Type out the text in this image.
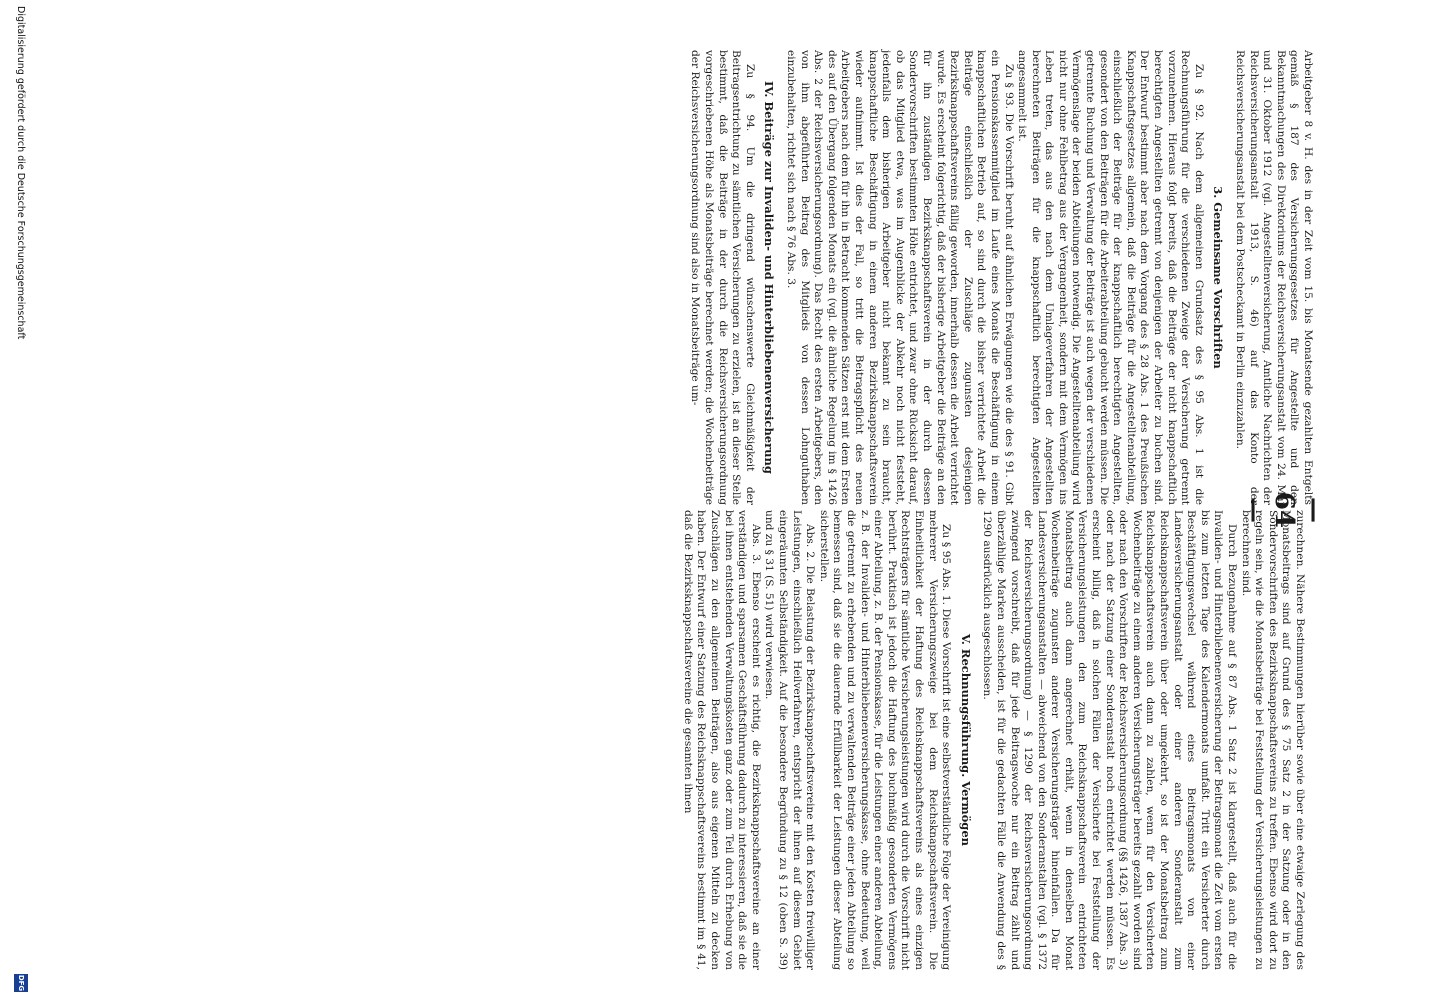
— 64 —

Arbeitgeber 8 v. H. des in der Zeit vom 15. bis Monatsende gezahlten Entgelts gemäß § 187 des Versicherungsgesetzes für Angestellte und den Bekanntmachungen des Direktoriums der Reichsversicherungsanstalt vom 24. Mai und 31. Oktober 1912 (vgl. Angestelltenversicherung, Amtliche Nachrichten der Reichsversicherungsanstalt 1913, S. 46) auf das Konto der Reichsversicherungsanstalt bei dem Postscheckamt in Berlin einzuzahlen.

3. Gemeinsame Vorschriften

Zu § 92. Nach dem allgemeinen Grundsatz des § 95 Abs. 1 ist die Rechnungsführung für die verschiedenen Zweige der Versicherung getrennt vorzunehmen. Hieraus folgt bereits, daß die Beiträge der nicht knappschaftlich berechtigten Angestellten getrennt von denjenigen der Arbeiter zu buchen sind. Der Entwurf bestimmt aber nach dem Vorgang des § 28 Abs. 1 des Preußischen Knappschaftsgesetzes allgemein, daß die Beiträge für die Angestelltenabteilung, einschließlich der Beiträge für der knappschaftlich berechtigten Angestellten, gesondert von den Beiträgen für die Arbeiterabteilung gebucht werden müssen. Die getrennte Buchung und Verwaltung der Beiträge ist auch wegen der verschiedenen Vermögenslage der beiden Abteilungen notwendig. Die Angestelltenabteilung wird nicht nur ohne Fehlbetrag aus der Vergangenheit, sondern mit dem Vermögen ins Leben treten, das aus den nach dem Umlageverfahren der Angestellten berechneten Beiträgen für die knappschaftlich berechtigten Angestellten angesammelt ist.

Zu § 93. Die Vorschrift beruht auf ähnlichen Erwägungen wie die des § 91. Gibt ein Pensionskassenmitglied im Laufe eines Monats die Beschäftigung in einem knappschaftlichen Betrieb auf, so sind durch die bisher verrichtete Arbeit die Beiträge einschließlich der Zuschläge zugunsten desjenigen Bezirksknappschaftsvereins fällig geworden, innerhalb dessen die Arbeit verrichtet wurde. Es erscheint folgerichtig, daß der bisherige Arbeitgeber die Beiträge an den für ihn zuständigen Bezirksknappschaftsverein in der durch dessen Sondervorschriften bestimmten Höhe entrichtet, und zwar ohne Rücksicht darauf, ob das Mitglied etwa, was im Augenblicke der Abkehr noch nicht feststeht, jedenfalls dem bisherigen Arbeitgeber nicht bekannt zu sein braucht, knappschaftliche Beschäftigung in einem anderen Bezirksknappschaftsverein wieder aufnimmt. Ist dies der Fall, so tritt die Beitragspflicht des neuen Arbeitgebers nach dem für ihn in Betracht kommenden Sätzen erst mit dem Ersten des auf den Übergang folgenden Monats ein (vgl. die ähnliche Regelung im § 1426 Abs. 2 der Reichsversicherungsordnung). Das Recht des ersten Arbeitgebers, den von ihm abgeführten Beitrag des Mitglieds von dessen Lohnguthaben einzubehalten, richtet sich nach § 76 Abs. 3.

IV. Beiträge zur Invaliden- und Hinterbliebenenversicherung

Zu § 94. Um die dringend wünschenswerte Gleichmäßigkeit der Beitragsentrichtung zu sämtlichen Versicherungen zu erzielen, ist an dieser Stelle bestimmt, daß die Beiträge in der durch die Reichsversicherungsordnung vorgeschriebenen Höhe als Monatsbeiträge berechnet werden; die Wochenbeiträge der Reichsversicherungsordnung sind also in Monatsbeiträge um-

zurechnen. Nähere Bestimmungen hierüber sowie über eine etwaige Zerlegung des Monatsbeitrags sind auf Grund des § 75 Satz 2 in der Satzung oder in den Sondervorschriften des Bezirksknappschaftsvereins zu treffen. Ebenso wird dort zu regeln sein, wie die Monatsbeiträge bei Feststellung der Versicherungsleistungen zu berechnen sind.

Durch Bezugnahme auf § 87 Abs. 1 Satz 2 ist klargestellt, daß auch für die Invaliden- und Hinterbliebenenversicherung der Beitragsmonat die Zeit vom ersten bis zum letzten Tage des Kalendermonats umfaßt. Tritt ein Versicherter durch Beschäftigungswechsel während eines Beitragsmonats von einer Landesversicherungsanstalt oder einer anderen Sonderanstalt zum Reichsknappschaftsverein über oder umgekehrt, so ist der Monatsbeitrag zum Reichsknappschaftsverein auch dann zu zahlen, wenn für den Versicherten Wochenbeiträge zu einem anderen Versicherungsträger bereits gezahlt worden sind oder nach den Vorschriften der Reichsversicherungsordnung (§§ 1426, 1387 Abs. 3) oder nach der Satzung einer Sonderanstalt noch entrichtet werden müssen. Es erscheint billig, daß in solchen Fällen der Versicherte bei Feststellung der Versicherungsleistungen den zum Reichsknappschaftsverein entrichteten Monatsbeitrag auch dann angerechnet erhält, wenn in denselben Monat Wochenbeiträge zugunsten anderer Versicherungsträger hineinfallen. Da für Landesversicherungsanstalten — abweichend von den Sonderanstalten (vgl. § 1372 der Reichsversicherungsordnung) — § 1290 der Reichsversicherungsordnung zwingend vorschreibt, daß für jede Beitragswoche nur ein Beitrag zählt und überzählige Marken ausscheiden, ist für die gedachten Fälle die Anwendung des § 1290 ausdrücklich ausgeschlossen.

V. Rechnungsführung. Vermögen

Zu § 95 Abs. 1. Diese Vorschrift ist eine selbstverständliche Folge der Vereinigung mehrerer Versicherungszweige bei dem Reichsknappschaftsverein. Die Einheitlichkeit der Haftung des Reichsknappschaftsvereins als eines einzigen Rechtsträgers für sämtliche Versicherungsleistungen wird durch die Vorschrift nicht berührt. Praktisch ist jedoch die Haftung des buchmäßig gesonderten Vermögens einer Abteilung, z. B. der Pensionskasse, für die Leistungen einer anderen Abteilung, z. B. der Invaliden- und Hinterbliebenenversicherungskasse, ohne Bedeutung, weil die getrennt zu erhebenden und zu verwaltenden Beiträge einer jeden Abteilung so bemessen sind, daß sie die dauernde Erfüllbarkeit der Leistungen dieser Abteilung sicherstellen.

Abs. 2. Die Belastung der Bezirksknappschaftsvereine mit den Kosten freiwilliger Leistungen, einschließlich Heilverfahren, entspricht der ihnen auf diesem Gebiet eingeräumten Selbständigkeit. Auf die besondere Begründung zu § 12 (oben S. 39) und zu § 31 (S. 51) wird verwiesen.

Abs. 3. Ebenso erscheint es richtig, die Bezirksknappschaftsvereine an einer verständigen und sparsamen Geschäftsführung dadurch zu interessieren, daß sie die bei ihnen entstehenden Verwaltungskosten ganz oder zum Teil durch Erhebung von Zuschlägen zu den allgemeinen Beiträgen, also aus eigenen Mitteln zu decken haben. Der Entwurf einer Satzung des Reichsknappschaftsvereins bestimmt im § 41, daß die Bezirksknappschaftsvereine die gesamten ihnen

Digitalisierung gefördert durch die Deutsche Forschungsgemeinschaft
DFG
